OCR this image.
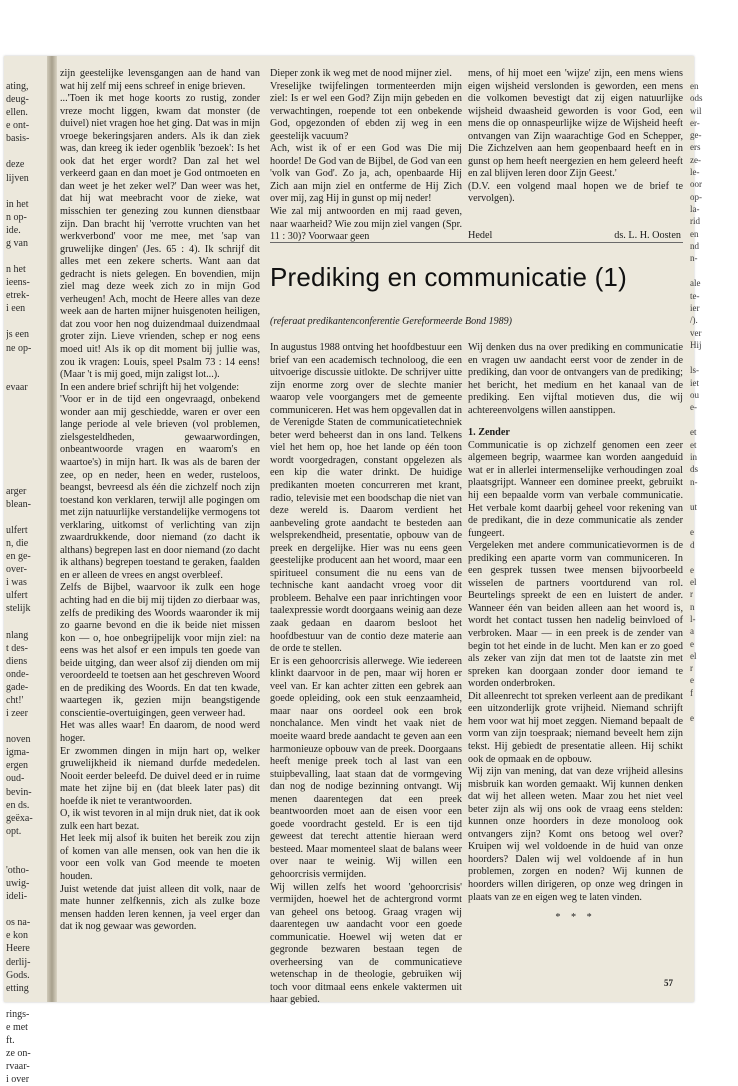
ating,
deug-
ellen.
e ont-
basis-

deze
lijven

in het
n op-
ide.
g van

n het
ieens-
etrek-
i een

js een
ne op-

evaar

arger
blean-

ulfert
n, die
en ge-
over-
i was
ulfert
stelijk

nlang
t des-
diens
onde-
gade-
cht!'
i zeer

noven
igma-
ergen
oud-
bevin-
en ds.
geëxa-
opt.

'otho-
uwig-
ideli-

os na-
e kon
Heere
derlij-
Gods.
etting

rings-
e met
ft.
ze on-
rvaar-
i over
en
ods
wil
er-
ge-
ers
ze-
le-
oor
op-
la-
rid
en
nd
n-

ale
te-
ier
/).
ver
Hij

ls-
iet
ou
e-

et
et
in
ds
n-

ut

e
d

e
el
r
n
l-
a
e
el
r
e
f

e

zijn geestelijke levensgangen aan de hand van wat hij zelf mij eens schreef in enige brieven.

...'Toen ik met hoge koorts zo rustig, zonder vreze mocht liggen, kwam dat monster (de duivel) niet vragen hoe het ging. Dat was in mijn vroege bekeringsjaren anders. Als ik dan ziek was, dan kreeg ik ieder ogenblik 'bezoek': Is het ook dat het erger wordt? Dan zal het wel verkeerd gaan en dan moet je God ontmoeten en dan weet je het zeker wel?' Dan weer was het, dat hij wat meebracht voor de zieke, wat misschien ter genezing zou kunnen dienstbaar zijn. Dan bracht hij 'verrotte vruchten van het werkverbond' voor me mee, met 'sap van gruwelijke dingen' (Jes. 65 : 4). Ik schrijf dit alles met een zekere scherts. Want aan dat gedracht is niets gelegen. En bovendien, mijn ziel mag deze week zich zo in mijn God verheugen! Ach, mocht de Heere alles van deze week aan de harten mijner huisgenoten heiligen, dat zou voor hen nog duizendmaal duizendmaal groter zijn. Lieve vrienden, schep er nog eens moed uit! Als ik op dit moment bij jullie was, zou ik vragen: Louis, speel Psalm 73 : 14 eens! (Maar 't is mij goed, mijn zaligst lot...).

In een andere brief schrijft hij het volgende:

'Voor er in de tijd een ongevraagd, onbekend wonder aan mij geschiedde, waren er over een lange periode al vele brieven (vol problemen, zielsgesteldheden, gewaarwordingen, onbeantwoorde vragen en waarom's en waartoe's) in mijn hart. Ik was als de baren der zee, op en neder, heen en weder, rusteloos, beangst, bevreesd als één die zichzelf noch zijn toestand kon verklaren, terwijl alle pogingen om met zijn natuurlijke verstandelijke vermogens tot verklaring, uitkomst of verlichting van zijn zwaardrukkende, door niemand (zo dacht ik althans) begrepen last en door niemand (zo dacht ik althans) begrepen toestand te geraken, faalden en er alleen de vrees en angst overbleef.

Zelfs de Bijbel, waarvoor ik zulk een hoge achting had en die bij mij tijden zo dierbaar was, zelfs de prediking des Woords waaronder ik mij zo gaarne bevond en die ik beide niet missen kon — o, hoe onbegrijpelijk voor mijn ziel: na eens was het alsof er een impuls ten goede van beide uitging, dan weer alsof zij dienden om mij veroordeeld te toetsen aan het geschreven Woord en de prediking des Woords. En dat ten kwade, waartegen ik, gezien mijn beangstigende conscientie-overtuigingen, geen verweer had.

Het was alles waar! En daarom, de nood werd hoger.

Er zwommen dingen in mijn hart op, welker gruwelijkheid ik niemand durfde mededelen. Nooit eerder beleefd. De duivel deed er in ruime mate het zijne bij en (dat bleek later pas) dit hoefde ik niet te verantwoorden.

O, ik wist tevoren in al mijn druk niet, dat ik ook zulk een hart bezat.

Het leek mij alsof ik buiten het bereik zou zijn of komen van alle mensen, ook van hen die ik voor een volk van God meende te moeten houden.

Juist wetende dat juist alleen dit volk, naar de mate hunner zelfkennis, zich als zulke boze mensen hadden leren kennen, ja veel erger dan dat ik nog gewaar was geworden.

Dieper zonk ik weg met de nood mijner ziel.

Vreselijke twijfelingen tormenteerden mijn ziel: Is er wel een God? Zijn mijn gebeden en verwachtingen, roepende tot een onbekende God, opgezonden of ebden zij weg in een geestelijk vacuum?

Ach, wist ik of er een God was Die mij hoorde! De God van de Bijbel, de God van een 'volk van God'. Zo ja, ach, openbaarde Hij Zich aan mijn ziel en ontferme de Hij Zich over mij, zag Hij in gunst op mij neder!

Wie zal mij antwoorden en mij raad geven, naar waarheid? Wie zou mijn ziel vangen (Spr. 11 : 30)? Voorwaar geen

mens, of hij moet een 'wijze' zijn, een mens wiens eigen wijsheid verslonden is geworden, een mens die volkomen bevestigt dat zij eigen natuurlijke wijsheid dwaasheid geworden is voor God, een mens die op onnaspeurlijke wijze de Wijsheid heeft ontvangen van Zijn waarachtige God en Schepper, Die Zichzelven aan hem geopenbaard heeft en in gunst op hem heeft neergezien en hem geleerd heeft en zal blijven leren door Zijn Geest.'

(D.V. een volgend maal hopen we de brief te vervolgen).

Hedel	ds. L. H. Oosten
Prediking en communicatie (1)
(referaat predikantenconferentie Gereformeerde Bond 1989)

In augustus 1988 ontving het hoofdbestuur een brief van een academisch technoloog, die een uitvoerige discussie uitlokte. De schrijver uitte zijn enorme zorg over de slechte manier waarop vele voorgangers met de gemeente communiceren. Het was hem opgevallen dat in de Verenigde Staten de communicatietechniek beter werd beheerst dan in ons land. Telkens viel het hem op, hoe het lande op één toon wordt voorgedragen, constant opgelezen als een kip die water drinkt. De huidige predikanten moeten concurreren met krant, radio, televisie met een boodschap die niet van deze wereld is. Daarom verdient het aanbeveling grote aandacht te besteden aan welsprekendheid, presentatie, opbouw van de preek en dergelijke. Hier was nu eens geen geestelijke producent aan het woord, maar een spiritueel consument die nu eens van de technische kant aandacht vroeg voor dit probleem. Behalve een paar inrichtingen voor taalexpressie wordt doorgaans weinig aan deze zaak gedaan en daarom besloot het hoofdbestuur van de contio deze materie aan de orde te stellen.

Er is een gehoorcrisis allerwege. Wie iedereen klinkt daarvoor in de pen, maar wij horen er veel van. Er kan achter zitten een gebrek aan goede opleiding, ook een stuk eenzaamheid, maar naar ons oordeel ook een brok nonchalance. Men vindt het vaak niet de moeite waard brede aandacht te geven aan een harmonieuze opbouw van de preek. Doorgaans heeft menige preek toch al last van een stuipbevalling, laat staan dat de vormgeving dan nog de nodige bezinning ontvangt. Wij menen daarentegen dat een preek beantwoorden moet aan de eisen voor een goede voordracht gesteld. Er is een tijd geweest dat terecht attentie hieraan werd besteed. Maar momenteel slaat de balans weer over naar te weinig. Wij willen een gehoorcrisis vermijden.

Wij willen zelfs het woord 'gehoorcrisis' vermijden, hoewel het de achtergrond vormt van geheel ons betoog. Graag vragen wij daarentegen uw aandacht voor een goede communicatie. Hoewel wij weten dat er gegronde bezwaren bestaan tegen de overheersing van de communicatieve wetenschap in de theologie, gebruiken wij toch voor ditmaal eens enkele vaktermen uit haar gebied.

Wij denken dus na over prediking en communicatie en vragen uw aandacht eerst voor de zender in de prediking, dan voor de ontvangers van de prediking; het bericht, het medium en het kanaal van de prediking. Een vijftal motieven dus, die wij achtereenvolgens willen aanstippen.

1. Zender

Communicatie is op zichzelf genomen een zeer algemeen begrip, waarmee kan worden aangeduid wat er in allerlei intermenselijke verhoudingen zoal plaatsgrijpt. Wanneer een dominee preekt, gebruikt hij een bepaalde vorm van verbale communicatie. Het verbale komt daarbij geheel voor rekening van de predikant, die in deze communicatie als zender fungeert.

Vergeleken met andere communicatievormen is de prediking een aparte vorm van communiceren. In een gesprek tussen twee mensen bijvoorbeeld wisselen de partners voortdurend van rol. Beurtelings spreekt de een en luistert de ander. Wanneer één van beiden alleen aan het woord is, wordt het contact tussen hen nadelig beinvloed of verbroken. Maar — in een preek is de zender van begin tot het einde in de lucht. Men kan er zo goed als zeker van zijn dat men tot de laatste zin met spreken kan doorgaan zonder door iemand te worden onderbroken.

Dit alleenrecht tot spreken verleent aan de predikant een uitzonderlijk grote vrijheid. Niemand schrijft hem voor wat hij moet zeggen. Niemand bepaalt de vorm van zijn toespraak; niemand beveelt hem zijn tekst. Hij gebiedt de presentatie alleen. Hij schikt ook de opmaak en de opbouw.

Wij zijn van mening, dat van deze vrijheid allesins misbruik kan worden gemaakt. Wij kunnen denken dat wij het alleen weten. Maar zou het niet veel beter zijn als wij ons ook de vraag eens stelden: kunnen onze hoorders in deze monoloog ook ontvangers zijn? Komt ons betoog wel over? Kruipen wij wel voldoende in de huid van onze hoorders? Dalen wij wel voldoende af in hun problemen, zorgen en noden? Wij kunnen de hoorders willen dirigeren, op onze weg dringen in plaats van ze en eigen weg te laten vinden.

* * *

57
